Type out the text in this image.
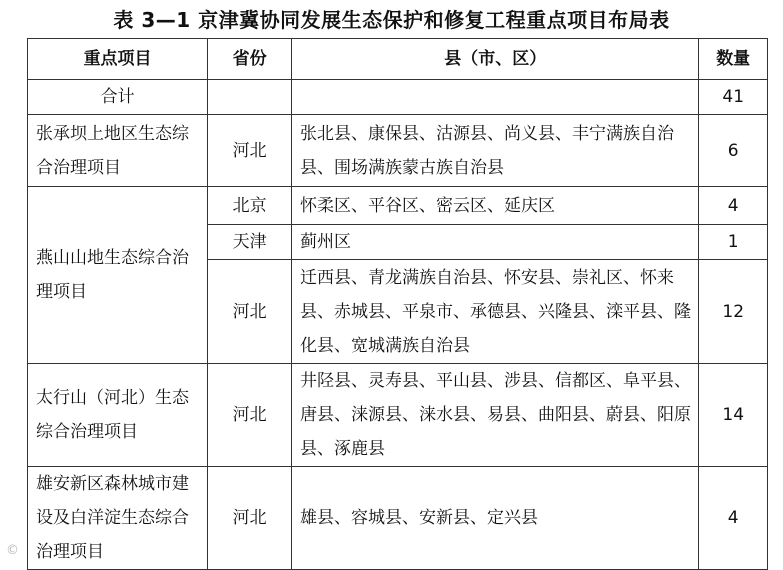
表 3—1 京津冀协同发展生态保护和修复工程重点项目布局表
重点项目	省份	县（市、区）	数量
合计			41
张承坝上地区生态综合治理项目	河北	张北县、康保县、沽源县、尚义县、丰宁满族自治县、围场满族蒙古族自治县	6
燕山山地生态综合治理项目	北京	怀柔区、平谷区、密云区、延庆区	4
	天津	蓟州区	1
	河北	迁西县、青龙满族自治县、怀安县、崇礼区、怀来县、赤城县、平泉市、承德县、兴隆县、滦平县、隆化县、宽城满族自治县	12
太行山（河北）生态综合治理项目	河北	井陉县、灵寿县、平山县、涉县、信都区、阜平县、唐县、涞源县、涞水县、易县、曲阳县、蔚县、阳原县、涿鹿县	14
雄安新区森林城市建设及白洋淀生态综合治理项目	河北	雄县、容城县、安新县、定兴县	4
©
